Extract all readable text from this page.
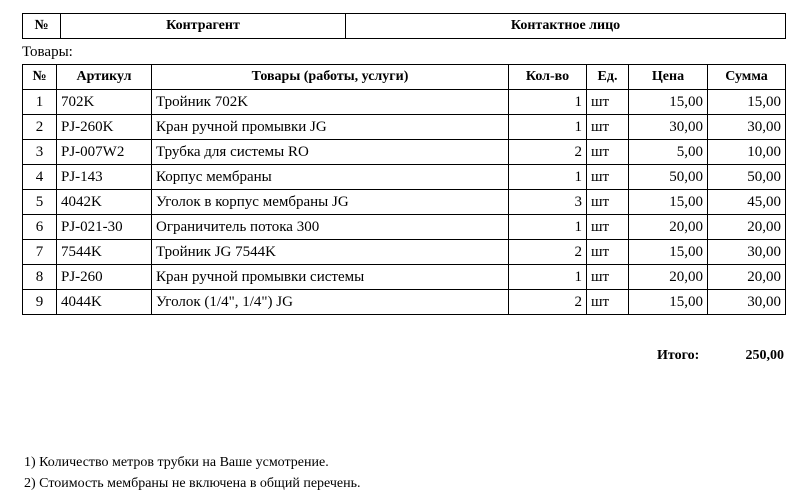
№	Контрагент	Контактное лицо
Товары:
№	Артикул	Товары (работы, услуги)	Кол-во	Ед.	Цена	Сумма
1	702K	Тройник 702K	1	шт	15,00	15,00
2	PJ-260K	Кран ручной промывки JG	1	шт	30,00	30,00
3	PJ-007W2	Трубка для системы RO	2	шт	5,00	10,00
4	PJ-143	Корпус мембраны	1	шт	50,00	50,00
5	4042K	Уголок в корпус мембраны JG	3	шт	15,00	45,00
6	PJ-021-30	Ограничитель потока 300	1	шт	20,00	20,00
7	7544K	Тройник JG 7544K	2	шт	15,00	30,00
8	PJ-260	Кран ручной промывки системы	1	шт	20,00	20,00
9	4044K	Уголок (1/4", 1/4") JG	2	шт	15,00	30,00
Итого:	250,00
1) Количество метров трубки на Ваше усмотрение.
2) Стоимость мембраны не включена в общий перечень.
